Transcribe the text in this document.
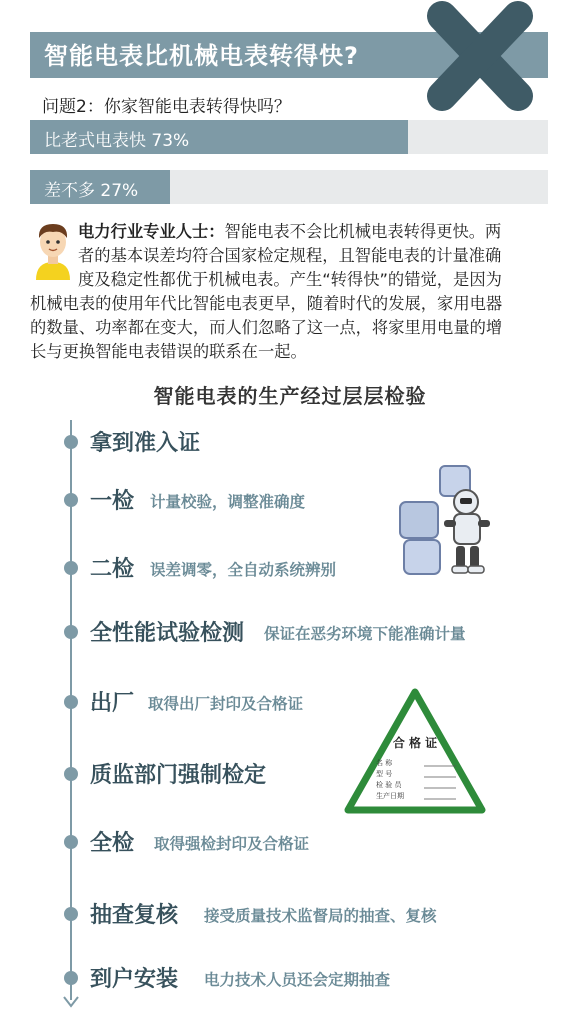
智能电表比机械电表转得快?
问题2：你家智能电表转得快吗？
比老式电表快 73%
差不多 27%
电力行业专业人士：智能电表不会比机械电表转得更快。两
者的基本误差均符合国家检定规程，且智能电表的计量准确
度及稳定性都优于机械电表。产生“转得快”的错觉，是因为
机械电表的使用年代比智能电表更早，随着时代的发展，家用电器
的数量、功率都在变大，而人们忽略了这一点，将家里用电量的增
长与更换智能电表错误的联系在一起。
智能电表的生产经过层层检验
拿到准入证
一检 计量校验，调整准确度
二检 误差调零，全自动系统辨别
全性能试验检测 保证在恶劣环境下能准确计量
出厂 取得出厂封印及合格证
质监部门强制检定
全检 取得强检封印及合格证
抽查复核 接受质量技术监督局的抽查、复核
到户安装 电力技术人员还会定期抽查
合 格 证
名 称
型 号
检 验 员
生产日期
